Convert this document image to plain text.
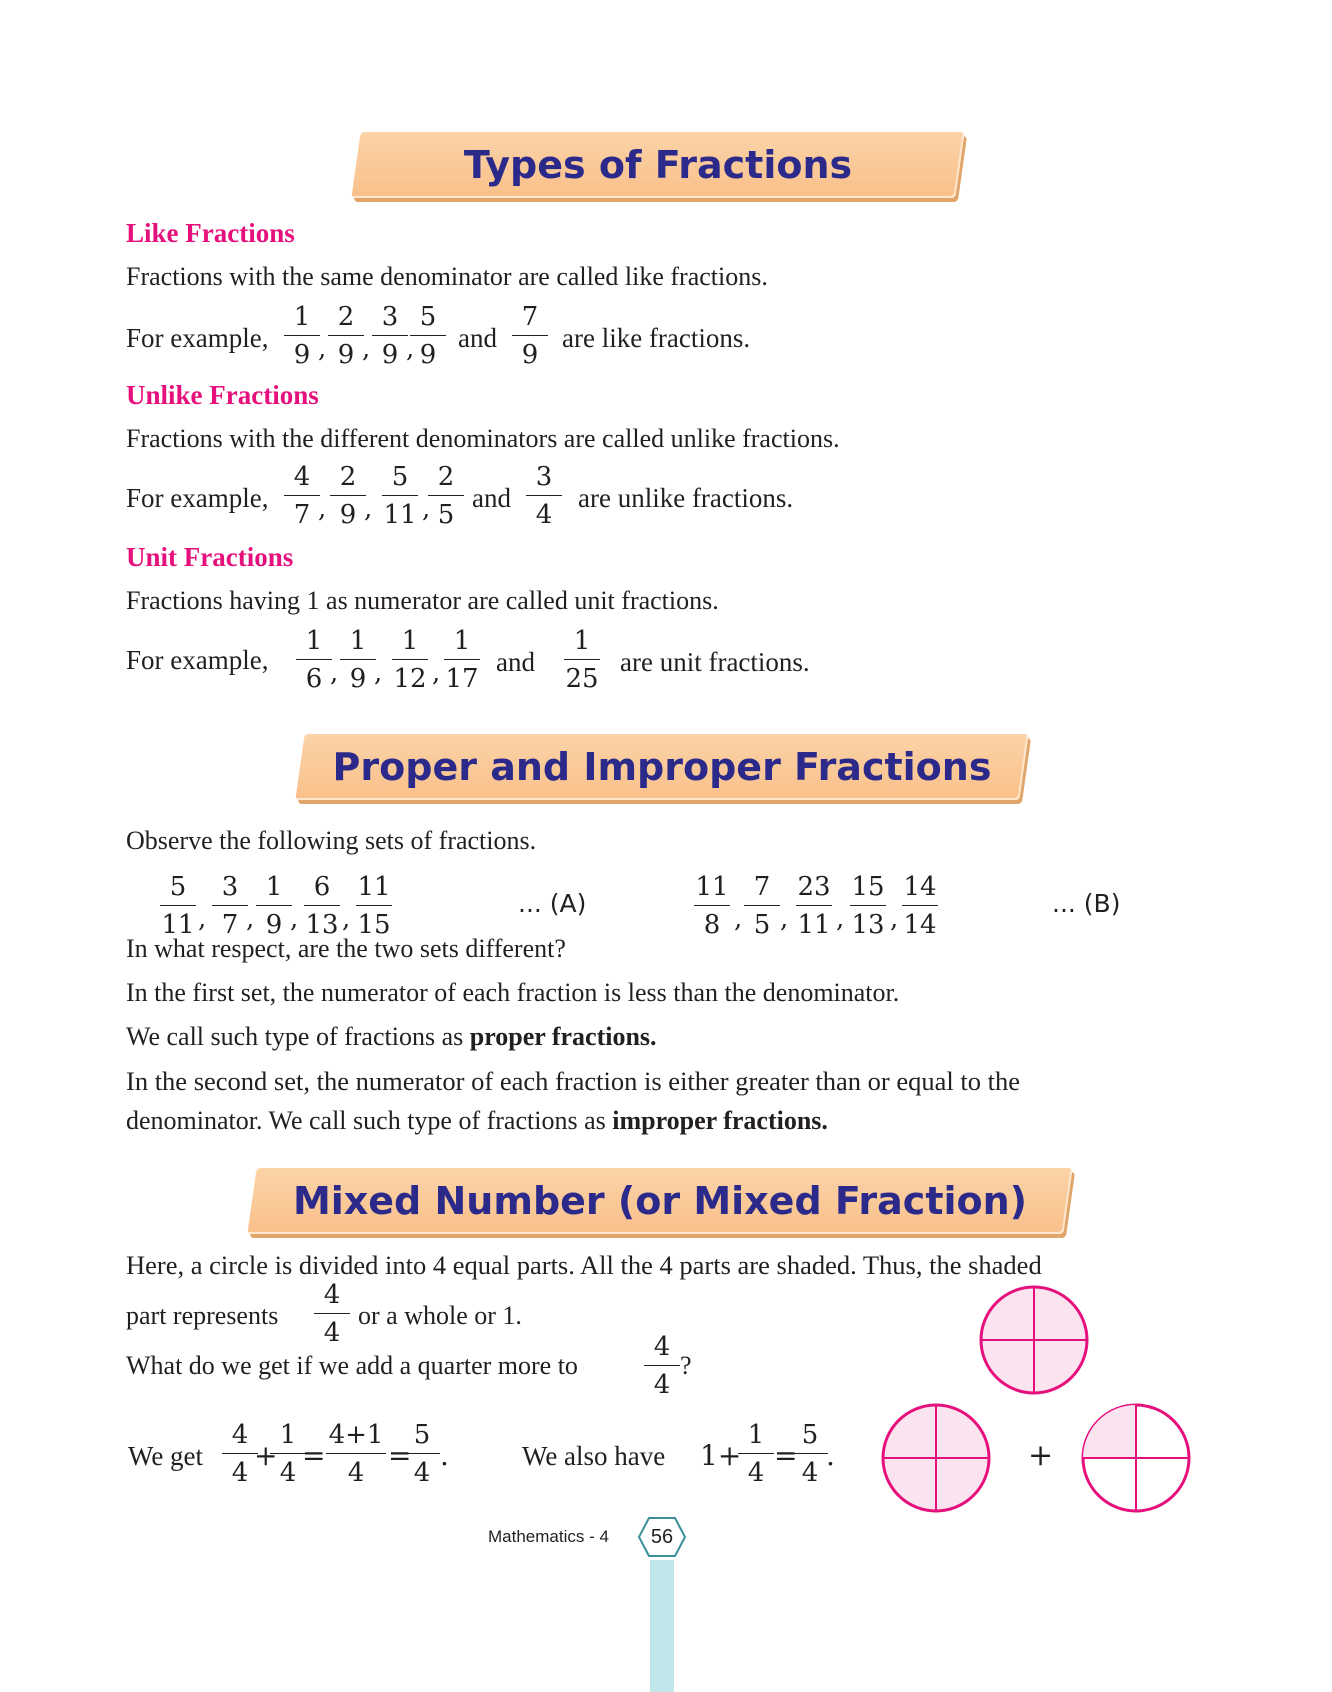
Types of Fractions
Like Fractions
Fractions with the same denominator are called like fractions.
For example,
1
9 ,
2
9 ,
3
9 ,
5
9
and
7
9
are like fractions.
Unlike Fractions
Fractions with the different denominators are called unlike fractions.
For example,
4
7 ,
2
9 ,
5
11 ,
2
5
and
3
4
are unlike fractions.
Unit Fractions
Fractions having 1 as numerator are called unit fractions.
For example,
1
6 ,
1
9 ,
1
12 ,
1
17
and
1
25
are unit fractions.
Proper and Improper Fractions
Observe the following sets of fractions.
5
11 ,
3
7 ,
1
9 ,
6
13 ,
11
15
... (A)
11
8 ,
7
5 ,
23
11 ,
15
13 ,
14
14
... (B)
In what respect, are the two sets different?
In the first set, the numerator of each fraction is less than the denominator.
We call such type of fractions as proper fractions.
In the second set, the numerator of each fraction is either greater than or equal to the
denominator. We call such type of fractions as improper fractions.
Mixed Number (or Mixed Fraction)
Here, a circle is divided into 4 equal parts. All the 4 parts are shaded. Thus, the shaded
part represents
4
4
or a whole or 1.
What do we get if we add a quarter more to
4
4
?
We get
4
4
+
1
4
=
4+1
4
=
5
4
.	We also have 1+
1
4
=
5
4
.	+
Mathematics - 4	56
